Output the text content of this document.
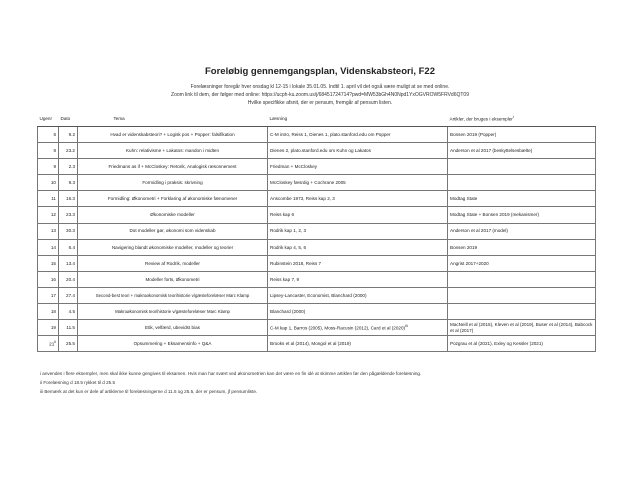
Foreløbig gennemgangsplan, Videnskabsteori, F22
Forelæsninger foregår hver onsdag kl 12-15 i lokale 35.01.05. Indtil 1. april vil det også være muligt at se med online.
Zoom link til dem, der følger med online: https://ucph-ku.zoom.us/j/68451724714?pwd=MW53bGh4N0Npd1YxOGVROW5FRVd6QT09
Hvilke specifikke afsnit, der er pensum, fremgår af pensum listen.
Ugenr	Dato	Tema	Læsning	Artikler, der bruges i eksempler$^i$
6	9.2	Hvad er videnskabsteori? + Logisk pos + Popper: falsifikation	C-M intro, Reiss 1, Dienes 1, plato.stanford.edu om Popper	Bonsen 2019 (Popper)
8	23.2	Kuhn: relativisme + Lakatos: mandon i midten	Dienes 2, plato.stanford.edu om Kuhn og Lakatos	Anderson et al 2017 (beskyttelsesbælte)
9	2.3	Friedmans as if + McCloskey: Retorik, Analogisk ræsonnement	Friedman + McCloskey	
10	9.3	Formidling i praksis: skrivning	McCloskey fæsrdig + Cochrane 2005	
11	16.3	Formidling: Økonometri + Forklaring af økonomiske fænomener	Anscombe 1973, Reiss kap 2, 3	Modtag State
12	23.3	Økonomiske modeller	Reiss kap 6	Modtag State + Bonsen 2019 (mekanismer)
13	30.3	Dot modeller gør, økonomi som videnskab	Rodrik kap 1, 2, 3	Anderson et al 2017 (model)
14	6.4	Navigering blandt økonomiske modeller, modeller og teorier	Rodrik kap 4, 5, 6	Bonsen 2019
15	13.4	Review af Rodrik, modeller	Rubinstein 2018, Reiss 7	Angrist 2017+2020
16	20.4	Modeller forts, Økonometri	Reiss kap 7, 9	
17	27.4	Second-best teori + makroøkonomisk teorihistorie v/gæsteforelæser Marc Klamp	Lipsey-Lancaster, Economist, Blanchard (2000)	
18	4.5	Makroøkonomisk teorihistorie v/gæsteforelæser Marc Klamp	Blanchard (2000)	
19	11.5	Etik, velfærd, ubevidst bias	C-M kap 1, Barros (2005), Moss-Racusin (2012), Card et al $(2020)^{iii}$	MacNeill et al (2015), Kleven et al (2019), Buser et al (2014), Babcock et al (2017)
21$^{ii}$	25.5	Opsummering + Eksamensinfo + Q&A	Brooks et al (2014), Mongol et al (2019)	Pozgrau et al (2021), Exley og Kessler (2021)
i anvendes i flere eksempler, men skal ikke kunne gengives til eksamen. Hvis man har svært ved økonometrien kan det være en fin idé at skimme artiklen før den pågældende forelæsning.
ii Forelæsning d 18.5 rykket til d 25.5
iii Bemærk at det kun er dele af artiklerne til forelæsningerne d 11.5 og 25.5, der er pensum, jf pensumliste.
